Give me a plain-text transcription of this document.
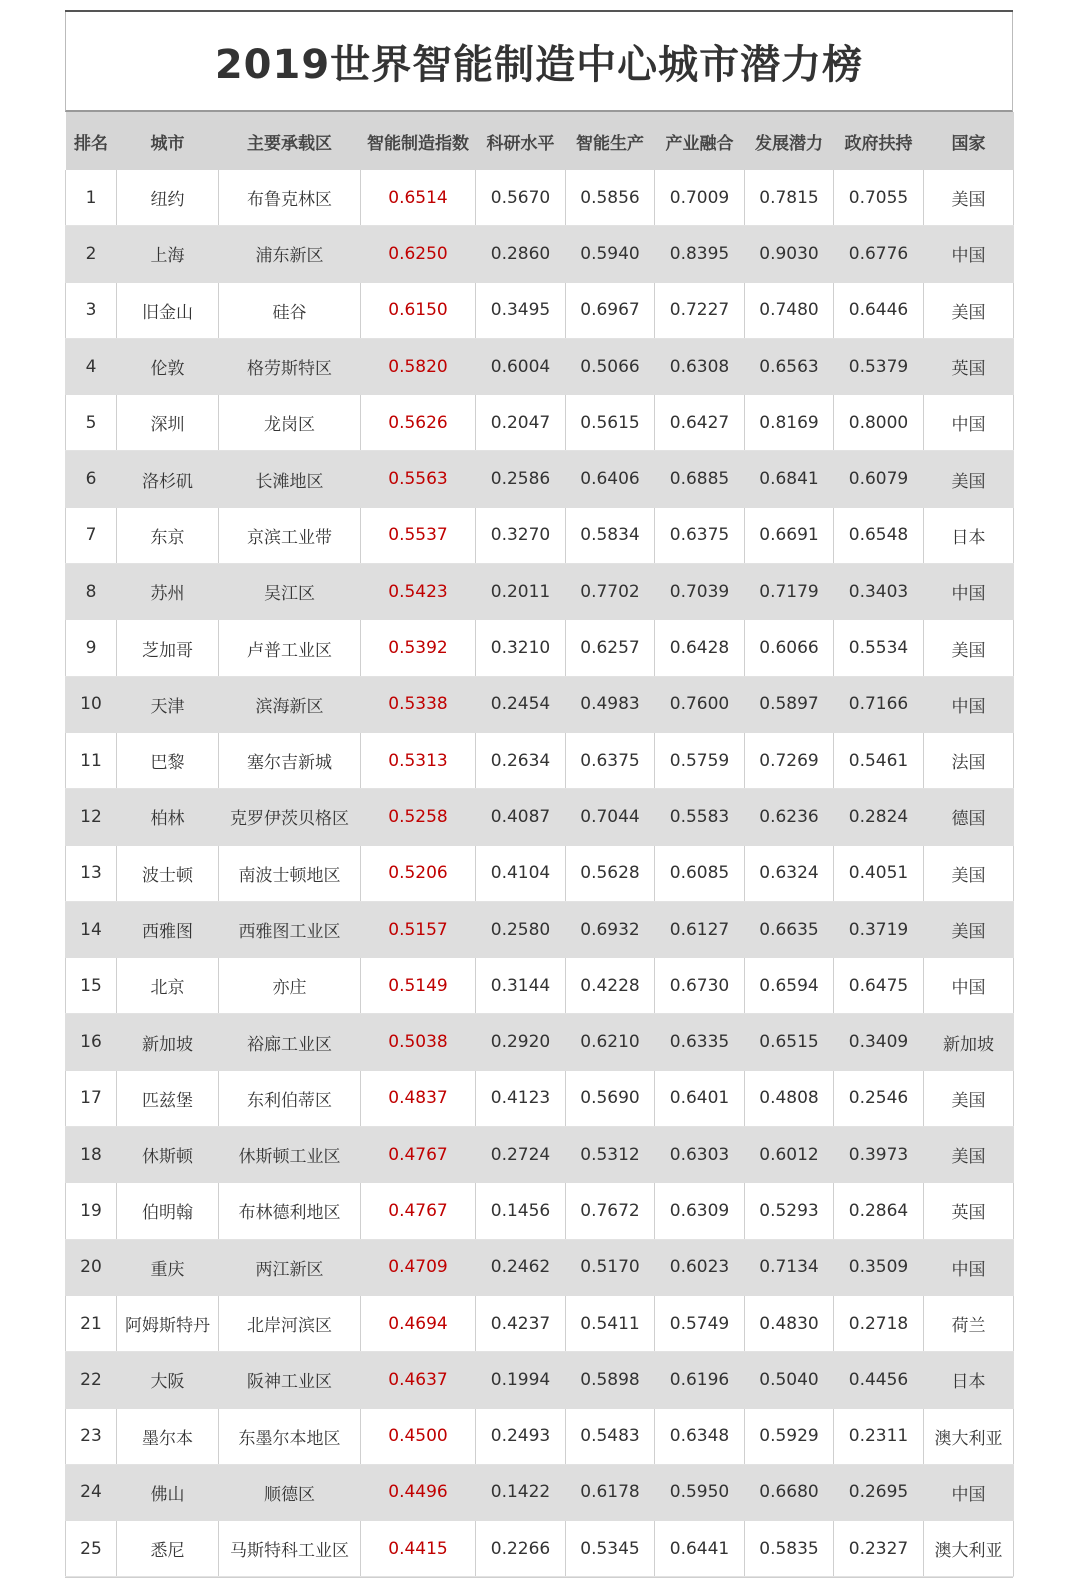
2019世界智能制造中心城市潜力榜
排名	城市	主要承载区	智能制造指数	科研水平	智能生产	产业融合	发展潜力	政府扶持	国家
1	纽约	布鲁克林区	0.6514	0.5670	0.5856	0.7009	0.7815	0.7055	美国
2	上海	浦东新区	0.6250	0.2860	0.5940	0.8395	0.9030	0.6776	中国
3	旧金山	硅谷	0.6150	0.3495	0.6967	0.7227	0.7480	0.6446	美国
4	伦敦	格劳斯特区	0.5820	0.6004	0.5066	0.6308	0.6563	0.5379	英国
5	深圳	龙岗区	0.5626	0.2047	0.5615	0.6427	0.8169	0.8000	中国
6	洛杉矶	长滩地区	0.5563	0.2586	0.6406	0.6885	0.6841	0.6079	美国
7	东京	京滨工业带	0.5537	0.3270	0.5834	0.6375	0.6691	0.6548	日本
8	苏州	吴江区	0.5423	0.2011	0.7702	0.7039	0.7179	0.3403	中国
9	芝加哥	卢普工业区	0.5392	0.3210	0.6257	0.6428	0.6066	0.5534	美国
10	天津	滨海新区	0.5338	0.2454	0.4983	0.7600	0.5897	0.7166	中国
11	巴黎	塞尔吉新城	0.5313	0.2634	0.6375	0.5759	0.7269	0.5461	法国
12	柏林	克罗伊茨贝格区	0.5258	0.4087	0.7044	0.5583	0.6236	0.2824	德国
13	波士顿	南波士顿地区	0.5206	0.4104	0.5628	0.6085	0.6324	0.4051	美国
14	西雅图	西雅图工业区	0.5157	0.2580	0.6932	0.6127	0.6635	0.3719	美国
15	北京	亦庄	0.5149	0.3144	0.4228	0.6730	0.6594	0.6475	中国
16	新加坡	裕廊工业区	0.5038	0.2920	0.6210	0.6335	0.6515	0.3409	新加坡
17	匹兹堡	东利伯蒂区	0.4837	0.4123	0.5690	0.6401	0.4808	0.2546	美国
18	休斯顿	休斯顿工业区	0.4767	0.2724	0.5312	0.6303	0.6012	0.3973	美国
19	伯明翰	布林德利地区	0.4767	0.1456	0.7672	0.6309	0.5293	0.2864	英国
20	重庆	两江新区	0.4709	0.2462	0.5170	0.6023	0.7134	0.3509	中国
21	阿姆斯特丹	北岸河滨区	0.4694	0.4237	0.5411	0.5749	0.4830	0.2718	荷兰
22	大阪	阪神工业区	0.4637	0.1994	0.5898	0.6196	0.5040	0.4456	日本
23	墨尔本	东墨尔本地区	0.4500	0.2493	0.5483	0.6348	0.5929	0.2311	澳大利亚
24	佛山	顺德区	0.4496	0.1422	0.6178	0.5950	0.6680	0.2695	中国
25	悉尼	马斯特科工业区	0.4415	0.2266	0.5345	0.6441	0.5835	0.2327	澳大利亚
